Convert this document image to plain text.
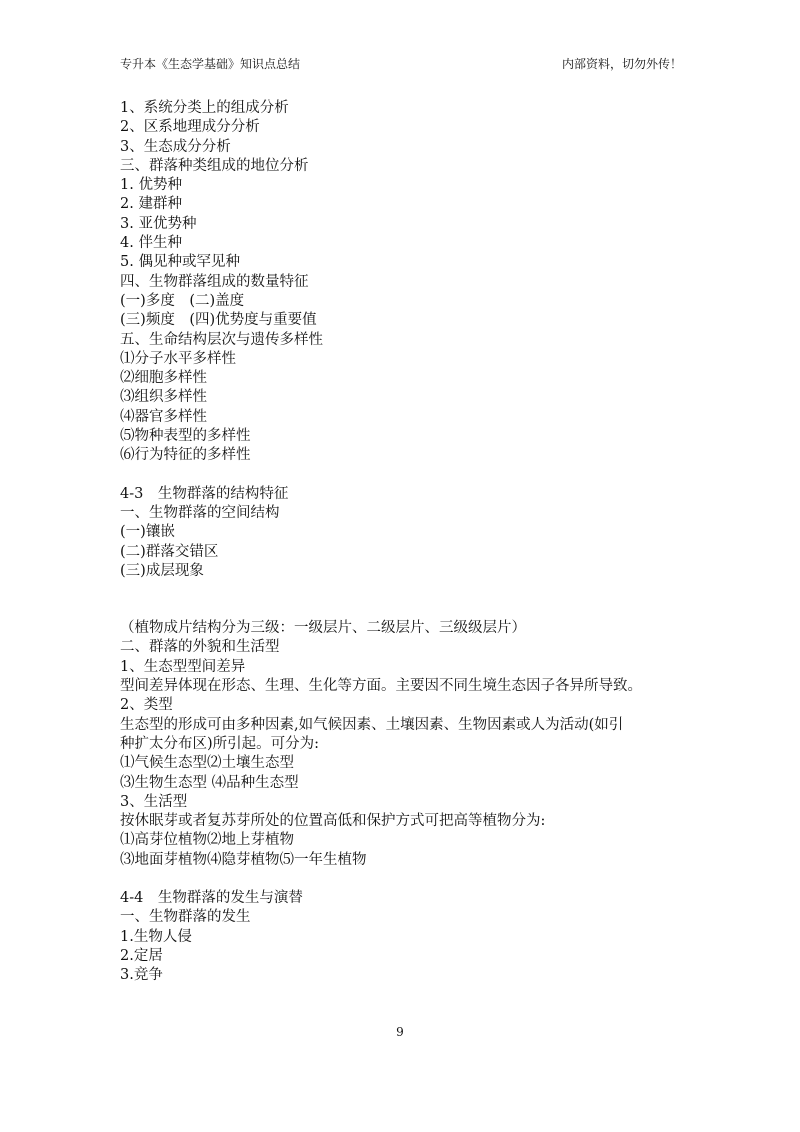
专升本《生态学基础》知识点总结	内部资料，切勿外传！
1、系统分类上的组成分析
2、区系地理成分分析
3、生态成分分析
三、群落种类组成的地位分析
1. 优势种
2. 建群种
3. 亚优势种
4. 伴生种
5. 偶见种或罕见种
四、生物群落组成的数量特征
(一)多度　(二)盖度
(三)频度　(四)优势度与重要值
五、生命结构层次与遗传多样性
⑴分子水平多样性
⑵细胞多样性
⑶组织多样性
⑷器官多样性
⑸物种表型的多样性
⑹行为特征的多样性
4-3　生物群落的结构特征
一、生物群落的空间结构
(一)镶嵌
(二)群落交错区
(三)成层现象
（植物成片结构分为三级：一级层片、二级层片、三级级层片）
二、群落的外貌和生活型
1、生态型型间差异
型间差异体现在形态、生理、生化等方面。主要因不同生境生态因子各异所导致。
2、类型
生态型的形成可由多种因素,如气候因素、土壤因素、生物因素或人为活动(如引
种扩太分布区)所引起。可分为:
⑴气候生态型⑵土壤生态型
⑶生物生态型 ⑷品种生态型
3、生活型
按休眠芽或者复苏芽所处的位置高低和保护方式可把高等植物分为:
⑴高芽位植物⑵地上芽植物
⑶地面芽植物⑷隐芽植物⑸一年生植物
4-4　生物群落的发生与演替
一、生物群落的发生
1.生物人侵
2.定居
3.竞争
9
